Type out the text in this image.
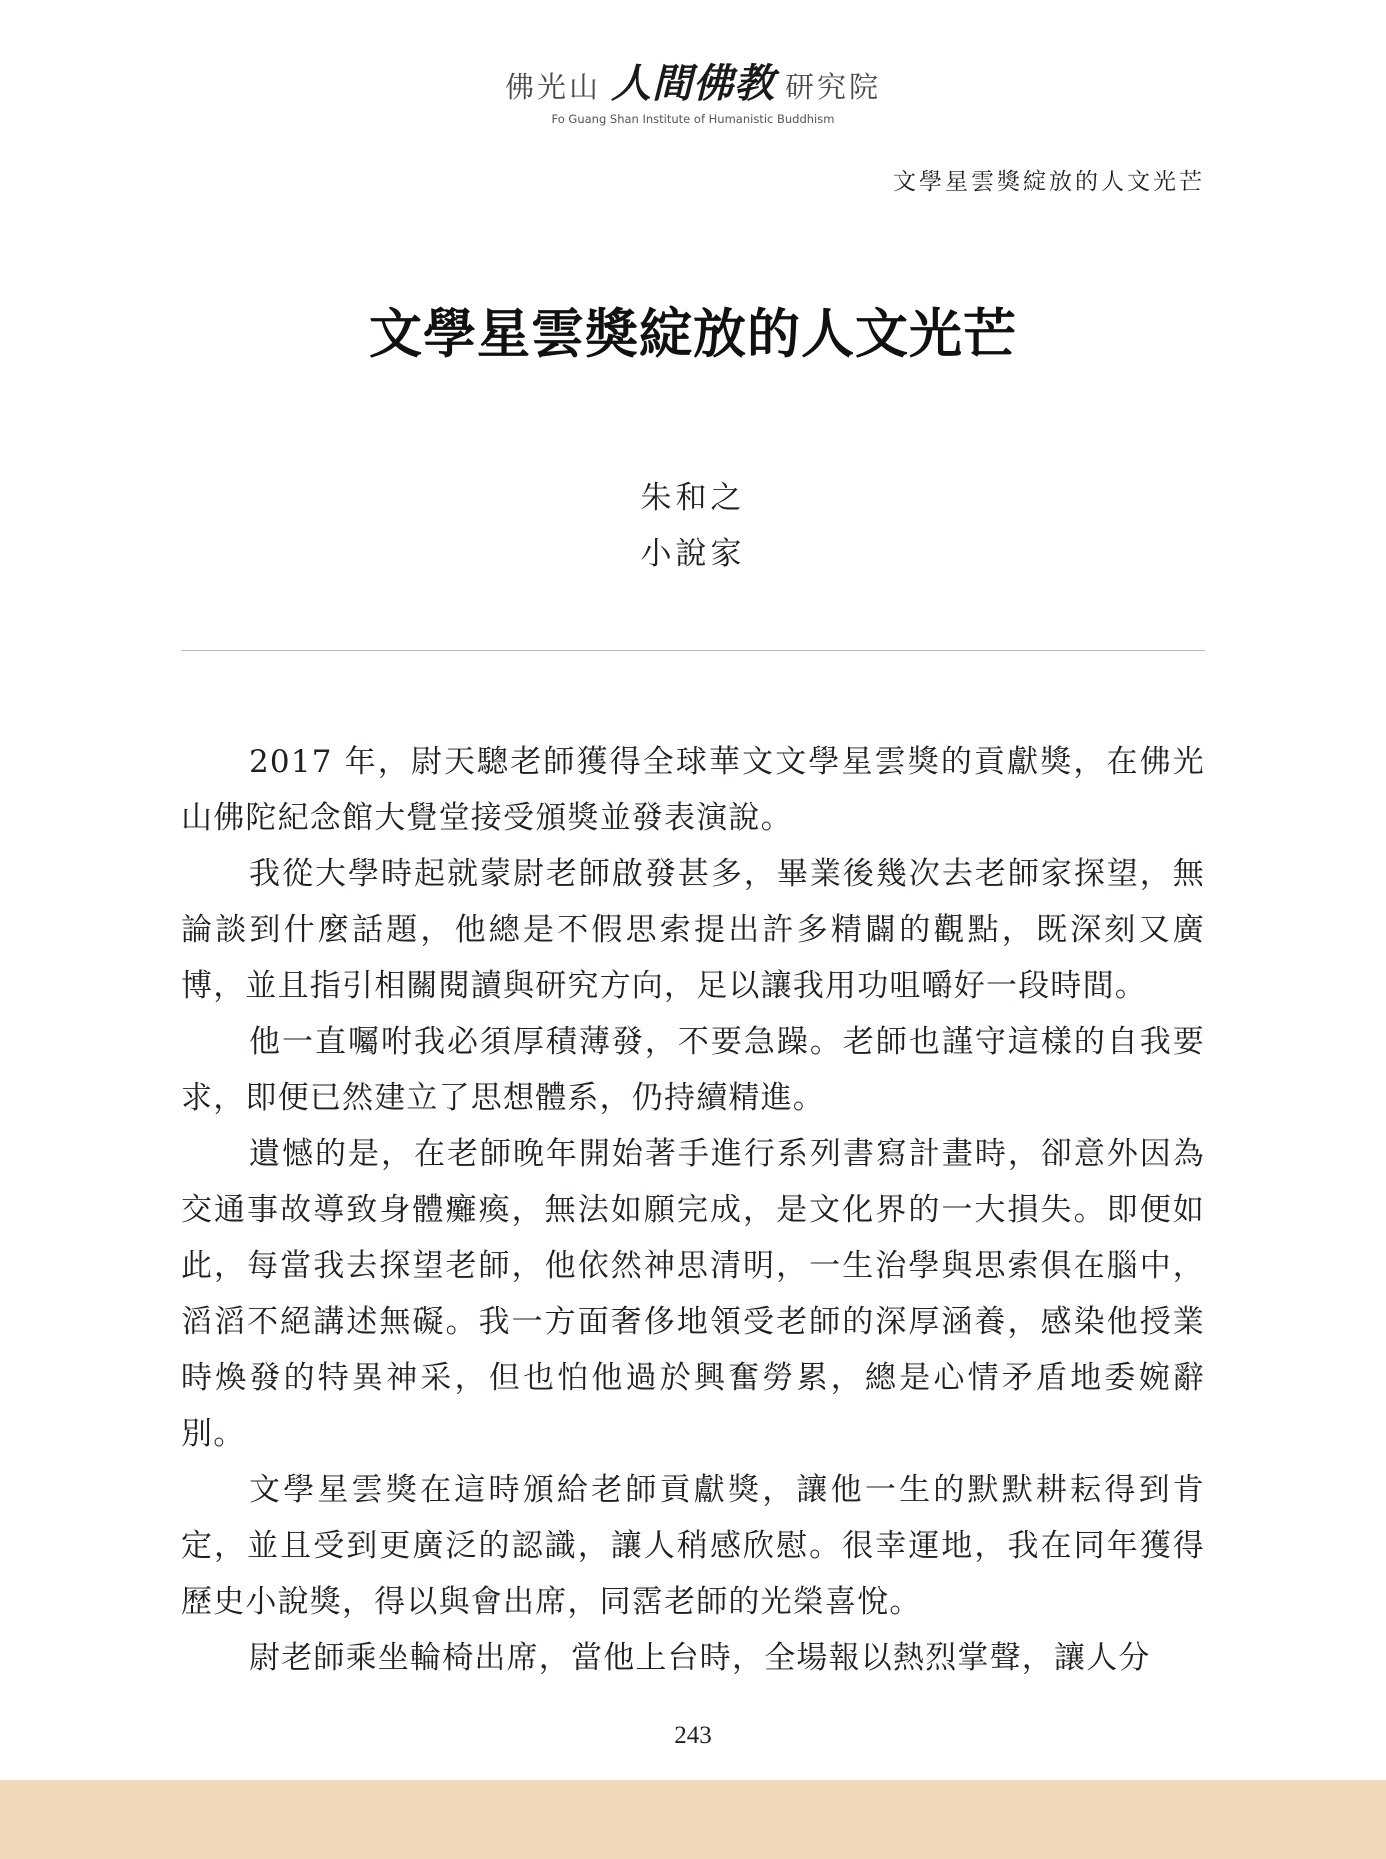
佛光山 人間佛教 研究院
Fo Guang Shan Institute of Humanistic Buddhism
文學星雲獎綻放的人文光芒
文學星雲獎綻放的人文光芒
朱和之
小說家

2017 年，尉天驄老師獲得全球華文文學星雲獎的貢獻獎，在佛光山佛陀紀念館大覺堂接受頒獎並發表演說。

我從大學時起就蒙尉老師啟發甚多，畢業後幾次去老師家探望，無論談到什麼話題，他總是不假思索提出許多精闢的觀點，既深刻又廣博，並且指引相關閱讀與研究方向，足以讓我用功咀嚼好一段時間。

他一直囑咐我必須厚積薄發，不要急躁。老師也謹守這樣的自我要求，即便已然建立了思想體系，仍持續精進。

遺憾的是，在老師晚年開始著手進行系列書寫計畫時，卻意外因為交通事故導致身體癱瘓，無法如願完成，是文化界的一大損失。即便如此，每當我去探望老師，他依然神思清明，一生治學與思索俱在腦中，滔滔不絕講述無礙。我一方面奢侈地領受老師的深厚涵養，感染他授業時煥發的特異神采，但也怕他過於興奮勞累，總是心情矛盾地委婉辭別。

文學星雲獎在這時頒給老師貢獻獎，讓他一生的默默耕耘得到肯定，並且受到更廣泛的認識，讓人稍感欣慰。很幸運地，我在同年獲得歷史小說獎，得以與會出席，同霑老師的光榮喜悅。

尉老師乘坐輪椅出席，當他上台時，全場報以熱烈掌聲，讓人分

243
